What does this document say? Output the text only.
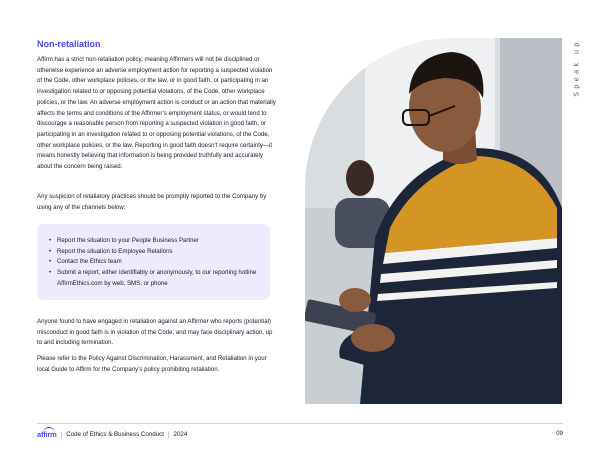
Non-retaliation

Affirm has a strict non-retaliation policy, meaning Affirmers will not be disciplined or otherwise experience an adverse employment action for reporting a suspected violation of the Code, other workplace policies, or the law, or in good faith, or participating in an investigation related to or opposing potential violations, of the Code, other workplace policies, or the law. An adverse employment action is conduct or an action that materially affects the terms and conditions of the Affirmer’s employment status, or would tend to discourage a reasonable person from reporting a suspected violation in good faith, or participating in an investigation related to or opposing potential violations, of the Code, other workplace policies, or the law. Reporting in good faith doesn’t require certainty—it means honestly believing that information is being provided truthfully and accurately about the concern being raised.

Any suspicion of retaliatory practices should be promptly reported to the Company by using any of the channels below:

• Report the situation to your People Business Partner
• Report the situation to Employee Relations
• Contact the Ethics team
• Submit a report, either identifiably or anonymously, to our reporting hotline AffirmEthics.com by web, SMS, or phone

Anyone found to have engaged in retaliation against an Affirmer who reports (potential) misconduct in good faith is in violation of the Code, and may face disciplinary action, up to and including termination.

Please refer to the Policy Against Discrimination, Harassment, and Retaliation in your local Guide to Affirm for the Company’s policy prohibiting retaliation.

Speak up
affirm | Code of Ethics & Business Conduct | 2024	09
